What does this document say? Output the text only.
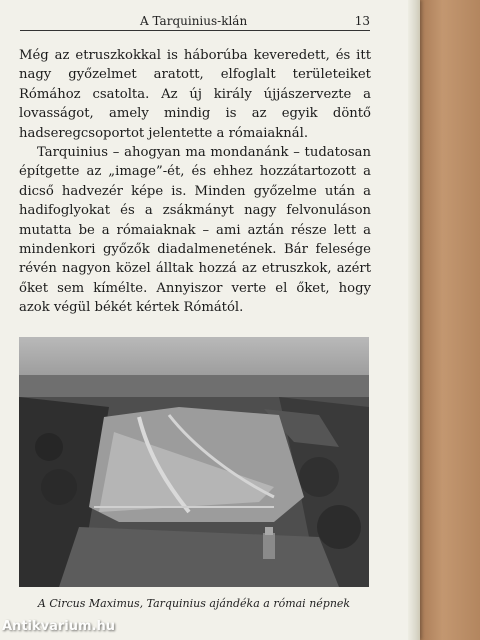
A Tarquinius-klán	13

Még az etruszkokkal is háborúba keveredett, és itt nagy győzelmet aratott, elfoglalt területeiket Rómához csatolta. Az új király újjászervezte a lovasságot, amely mindig is az egyik döntő hadseregcsoportot jelentette a rómaiaknál.

Tarquinius – ahogyan ma mondanánk – tudatosan építgette az „image”-ét, és ehhez hozzátartozott a dicső hadvezér képe is. Minden győzelme után a hadifoglyokat és a zsákmányt nagy felvonuláson mutatta be a rómaiaknak – ami aztán része lett a mindenkori győzők diadalmenetének. Bár felesége révén nagyon közel álltak hozzá az etruszkok, azért őket sem kímélte. Annyiszor verte el őket, hogy azok végül békét kértek Rómától.

A Circus Maximus, Tarquinius ajándéka a római népnek
Antikvarium.hu
